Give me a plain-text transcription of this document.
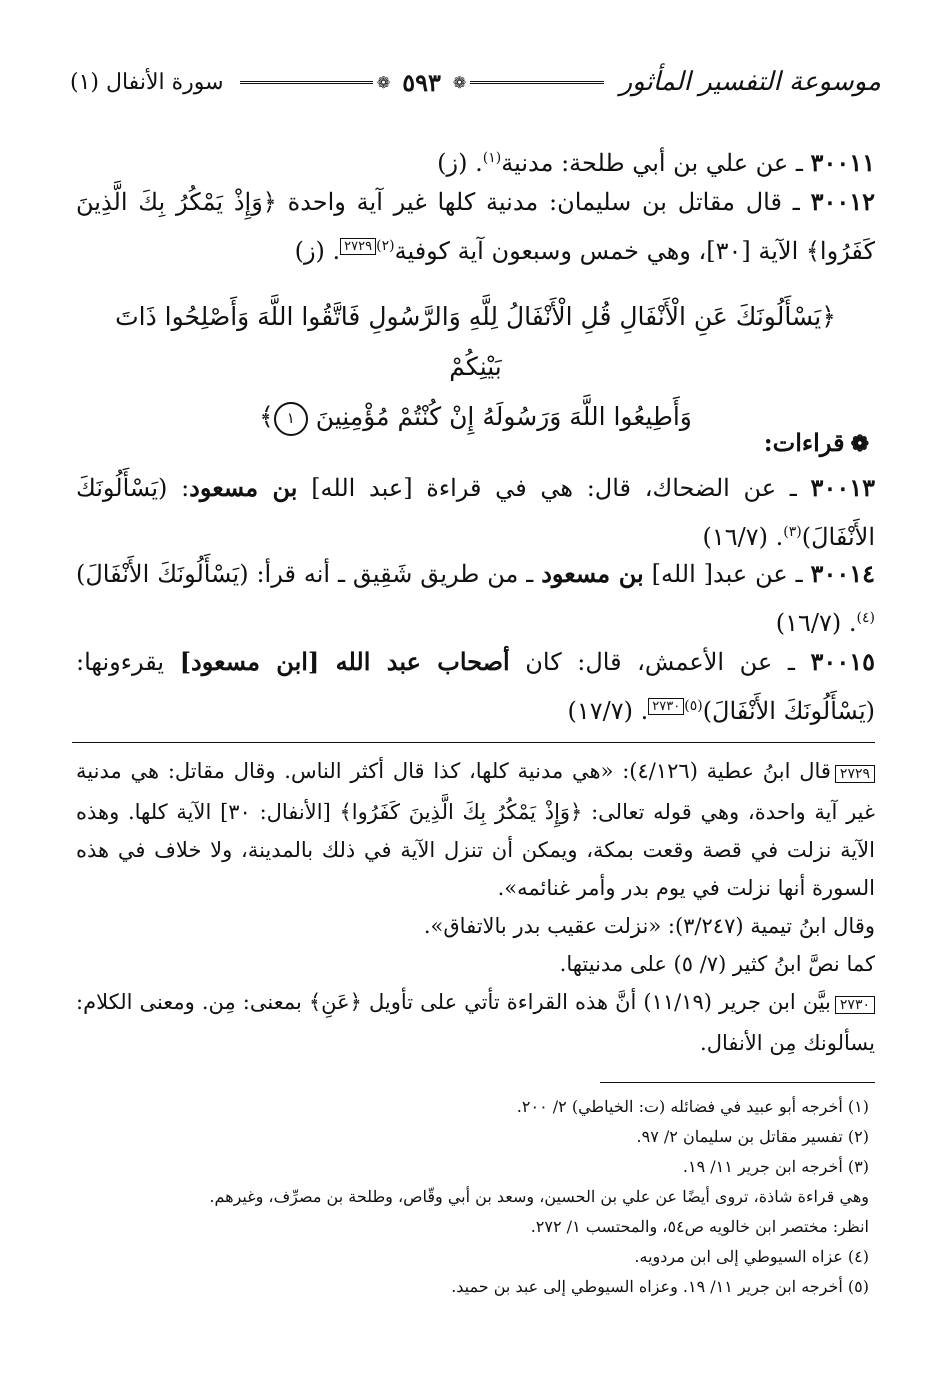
سورة الأنفال (١)	❁ ٥٩٣ ❁	موسوعة التفسير المأثور
٣٠٠١١ ـ عن علي بن أبي طلحة: مدنية$^{(١)}$. (ز)
٣٠٠١٢ ـ قال مقاتل بن سليمان: مدنية كلها غير آية واحدة ﴿وَإِذْ يَمْكُرُ بِكَ الَّذِينَ كَفَرُوا﴾ الآية [٣٠]، وهي خمس وسبعون آية كوفية$^{(٢)٢٧٢٩}$. (ز)
﴿يَسْأَلُونَكَ عَنِ الْأَنْفَالِ قُلِ الْأَنْفَالُ لِلَّهِ وَالرَّسُولِ فَاتَّقُوا اللَّهَ وَأَصْلِحُوا ذَاتَ بَيْنِكُمْ
وَأَطِيعُوا اللَّهَ وَرَسُولَهُ إِنْ كُنْتُمْ مُؤْمِنِينَ ١﴾
❁قراءات:
٣٠٠١٣ ـ عن الضحاك، قال: هي في قراءة [عبد الله] بن مسعود: (يَسْأَلُونَكَ الأَنْفَالَ)$^{(٣)}$. (١٦/٧)
٣٠٠١٤ ـ عن عبد[ الله] بن مسعود ـ من طريق شَقِيق ـ أنه قرأ: (يَسْأَلُونَكَ الأَنْفَالَ)$^{(٤)}$. (١٦/٧)
٣٠٠١٥ ـ عن الأعمش، قال: كان أصحاب عبد الله [ابن مسعود] يقرءونها: (يَسْأَلُونَكَ الأَنْفَالَ)$^{(٥)٢٧٣٠}$. (١٧/٧)
٢٧٢٩قال ابنُ عطية (٤/١٢٦): «هي مدنية كلها، كذا قال أكثر الناس. وقال مقاتل: هي مدنية غير آية واحدة، وهي قوله تعالى: ﴿وَإِذْ يَمْكُرُ بِكَ الَّذِينَ كَفَرُوا﴾ [الأنفال: ٣٠] الآية كلها. وهذه الآية نزلت في قصة وقعت بمكة، ويمكن أن تنزل الآية في ذلك بالمدينة، ولا خلاف في هذه السورة أنها نزلت في يوم بدر وأمر غنائمه».
وقال ابنُ تيمية (٣/٢٤٧): «نزلت عقيب بدر بالاتفاق».
كما نصَّ ابنُ كثير (٧/ ٥) على مدنيتها.
٢٧٣٠بيَّن ابن جرير (١١/١٩) أنَّ هذه القراءة تأتي على تأويل ﴿عَنِ﴾ بمعنى: مِن. ومعنى الكلام: يسألونك مِن الأنفال.
(١) أخرجه أبو عبيد في فضائله (ت: الخياطي) ٢/ ٢٠٠.
(٢) تفسير مقاتل بن سليمان ٢/ ٩٧.
(٣) أخرجه ابن جرير ١١/ ١٩.
وهي قراءة شاذة، تروى أيضًا عن علي بن الحسين، وسعد بن أبي وقّاص، وطلحة بن مصرِّف، وغيرهم.
انظر: مختصر ابن خالويه ص٥٤، والمحتسب ١/ ٢٧٢.
(٤) عزاه السيوطي إلى ابن مردويه.
(٥) أخرجه ابن جرير ١١/ ١٩. وعزاه السيوطي إلى عبد بن حميد.
